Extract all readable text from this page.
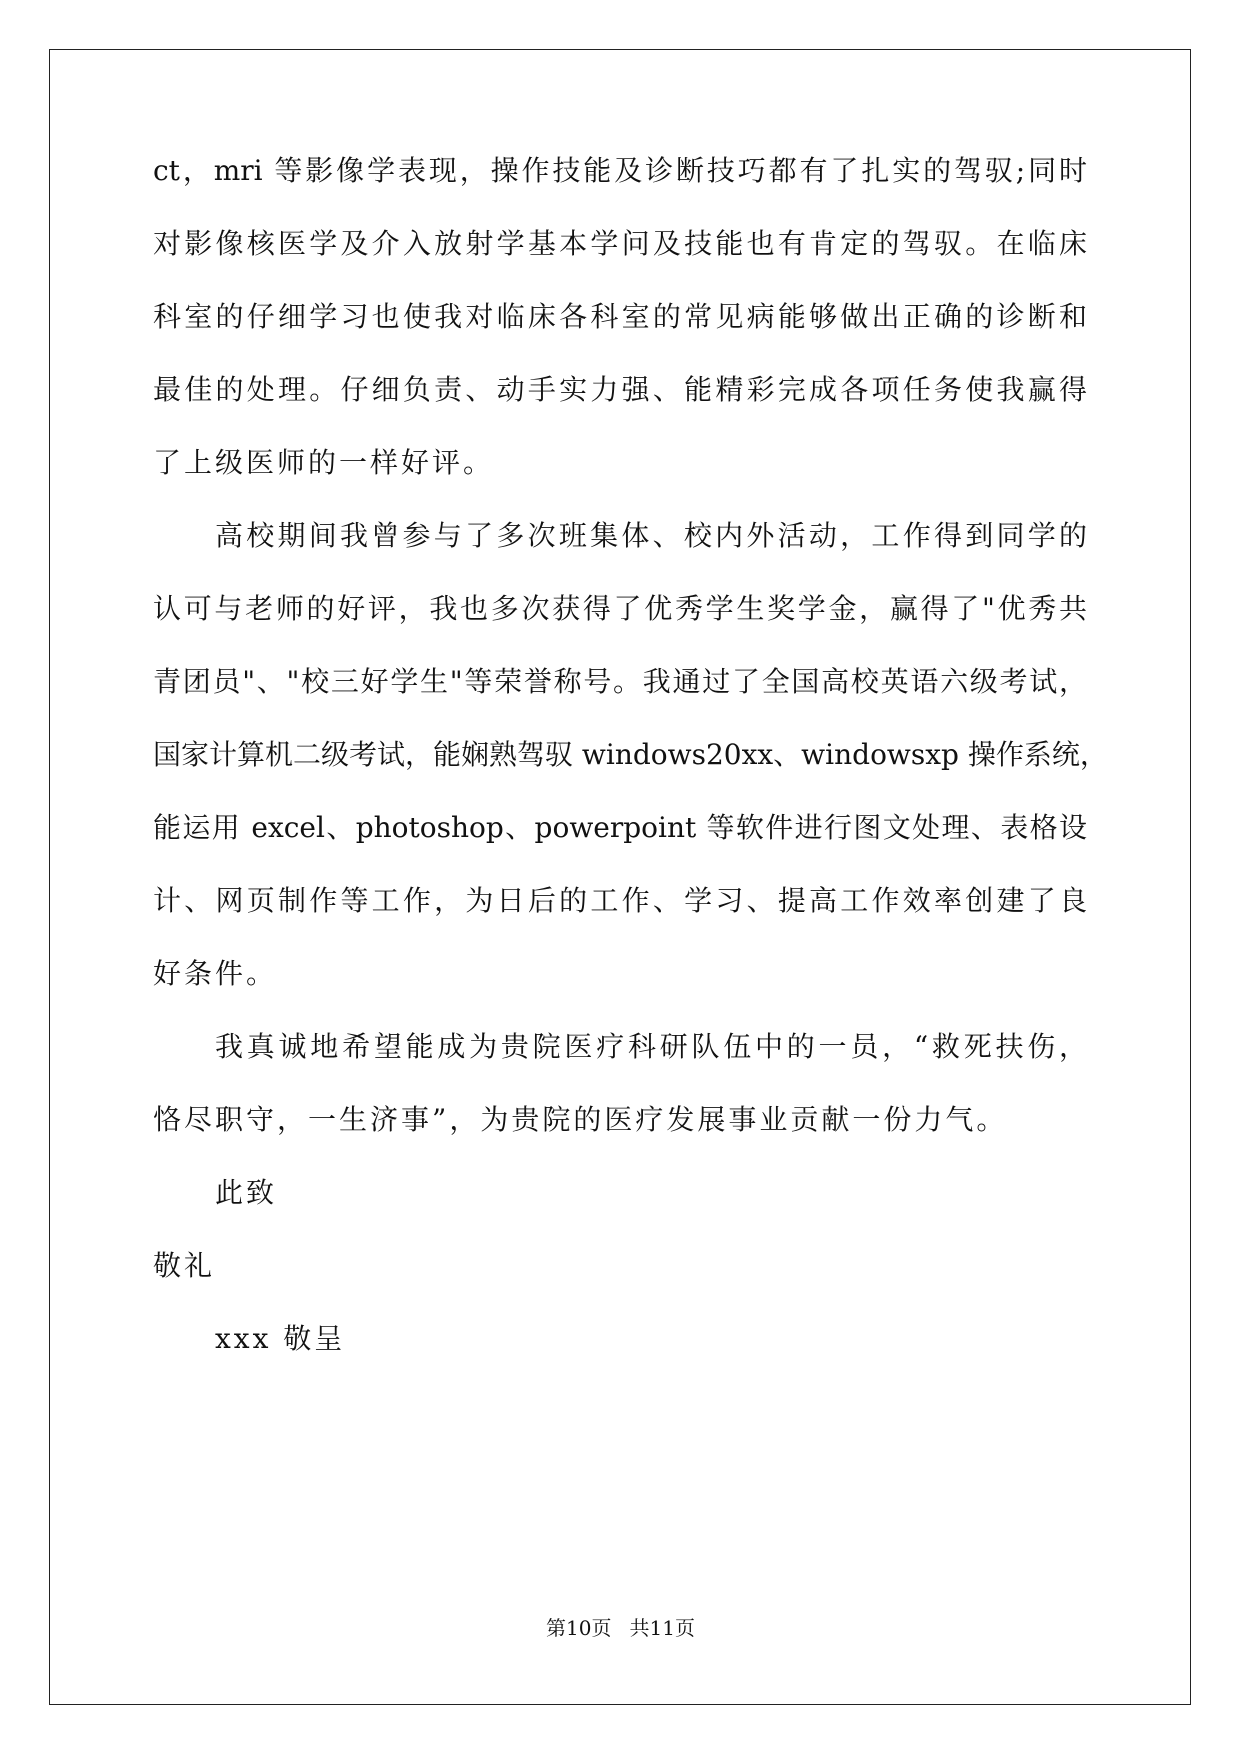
ct，mri 等影像学表现，操作技能及诊断技巧都有了扎实的驾驭;同时
对影像核医学及介入放射学基本学问及技能也有肯定的驾驭。在临床
科室的仔细学习也使我对临床各科室的常见病能够做出正确的诊断和
最佳的处理。仔细负责、动手实力强、能精彩完成各项任务使我赢得
了上级医师的一样好评。
高校期间我曾参与了多次班集体、校内外活动，工作得到同学的
认可与老师的好评，我也多次获得了优秀学生奖学金，赢得了"优秀共
青团员"、"校三好学生"等荣誉称号。我通过了全国高校英语六级考试，
国家计算机二级考试，能娴熟驾驭 windows20xx、windowsxp 操作系统，
能运用 excel、photoshop、powerpoint 等软件进行图文处理、表格设
计、网页制作等工作，为日后的工作、学习、提高工作效率创建了良
好条件。
我真诚地希望能成为贵院医疗科研队伍中的一员，“救死扶伤，
恪尽职守，一生济事”，为贵院的医疗发展事业贡献一份力气。
此致
敬礼
xxx 敬呈
第10页 共11页
